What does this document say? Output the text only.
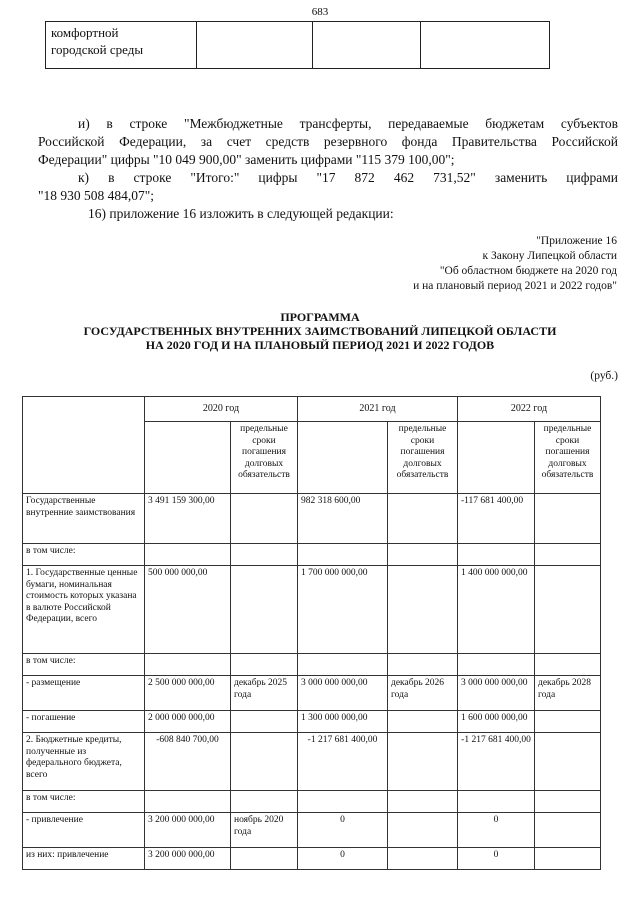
683
комфортной
городской среды			
и) в строке "Межбюджетные трансферты, передаваемые бюджетам субъектов
Российской Федерации, за счет средств резервного фонда Правительства Российской
Федерации" цифры "10 049 900,00" заменить цифрами "115 379 100,00";
к) в строке "Итого:" цифры "17 872 462 731,52" заменить цифрами
"18 930 508 484,07";
16) приложение 16 изложить в следующей редакции:
"Приложение 16
к Закону Липецкой области
"Об областном бюджете на 2020 год
и на плановый период 2021 и 2022 годов"
ПРОГРАММА
ГОСУДАРСТВЕННЫХ ВНУТРЕННИХ ЗАИМСТВОВАНИЙ ЛИПЕЦКОЙ ОБЛАСТИ
НА 2020 ГОД И НА ПЛАНОВЫЙ ПЕРИОД 2021 И 2022 ГОДОВ
(руб.)
	2020 год		2021 год		2022 год	
		предельные сроки погашения долговых обязательств		предельные сроки погашения долговых обязательств		предельные сроки погашения долговых обязательств
Государственные внутренние заимствования	3 491 159 300,00		982 318 600,00		-117 681 400,00	
в том числе:						
1. Государственные ценные бумаги, номинальная стоимость которых указана в валюте Российской Федерации, всего	500 000 000,00		1 700 000 000,00		1 400 000 000,00	
в том числе:						
- размещение	2 500 000 000,00	декабрь 2025 года	3 000 000 000,00	декабрь 2026 года	3 000 000 000,00	декабрь 2028 года
- погашение	2 000 000 000,00		1 300 000 000,00		1 600 000 000,00	
2. Бюджетные кредиты, полученные из федерального бюджета, всего	-608 840 700,00		-1 217 681 400,00		-1 217 681 400,00	
в том числе:						
- привлечение	3 200 000 000,00	ноябрь 2020 года	0		0	
из них: привлечение	3 200 000 000,00		0		0	
